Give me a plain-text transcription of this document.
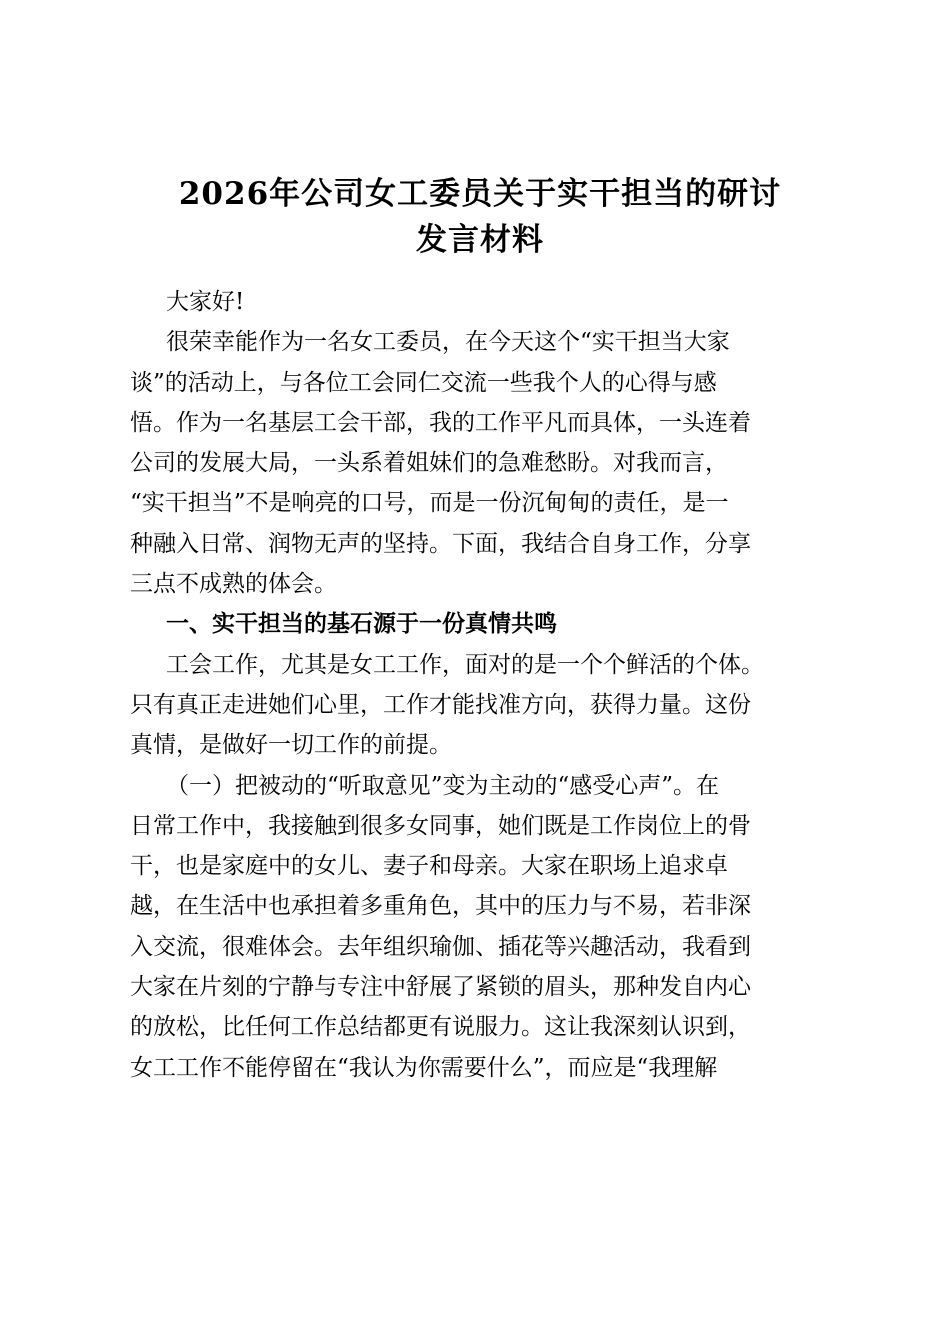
2026年公司女工委员关于实干担当的研讨
发言材料
大家好!
很荣幸能作为一名女工委员，在今天这个“实干担当大家
谈”的活动上，与各位工会同仁交流一些我个人的心得与感
悟。作为一名基层工会干部，我的工作平凡而具体，一头连着
公司的发展大局，一头系着姐妹们的急难愁盼。对我而言，
“实干担当”不是响亮的口号，而是一份沉甸甸的责任，是一
种融入日常、润物无声的坚持。下面，我结合自身工作，分享
三点不成熟的体会。
一、实干担当的基石源于一份真情共鸣
工会工作，尤其是女工工作，面对的是一个个鲜活的个体。
只有真正走进她们心里，工作才能找准方向，获得力量。这份
真情，是做好一切工作的前提。
（一）把被动的“听取意见”变为主动的“感受心声”。在
日常工作中，我接触到很多女同事，她们既是工作岗位上的骨
干，也是家庭中的女儿、妻子和母亲。大家在职场上追求卓
越，在生活中也承担着多重角色，其中的压力与不易，若非深
入交流，很难体会。去年组织瑜伽、插花等兴趣活动，我看到
大家在片刻的宁静与专注中舒展了紧锁的眉头，那种发自内心
的放松，比任何工作总结都更有说服力。这让我深刻认识到，
女工工作不能停留在“我认为你需要什么”，而应是“我理解
